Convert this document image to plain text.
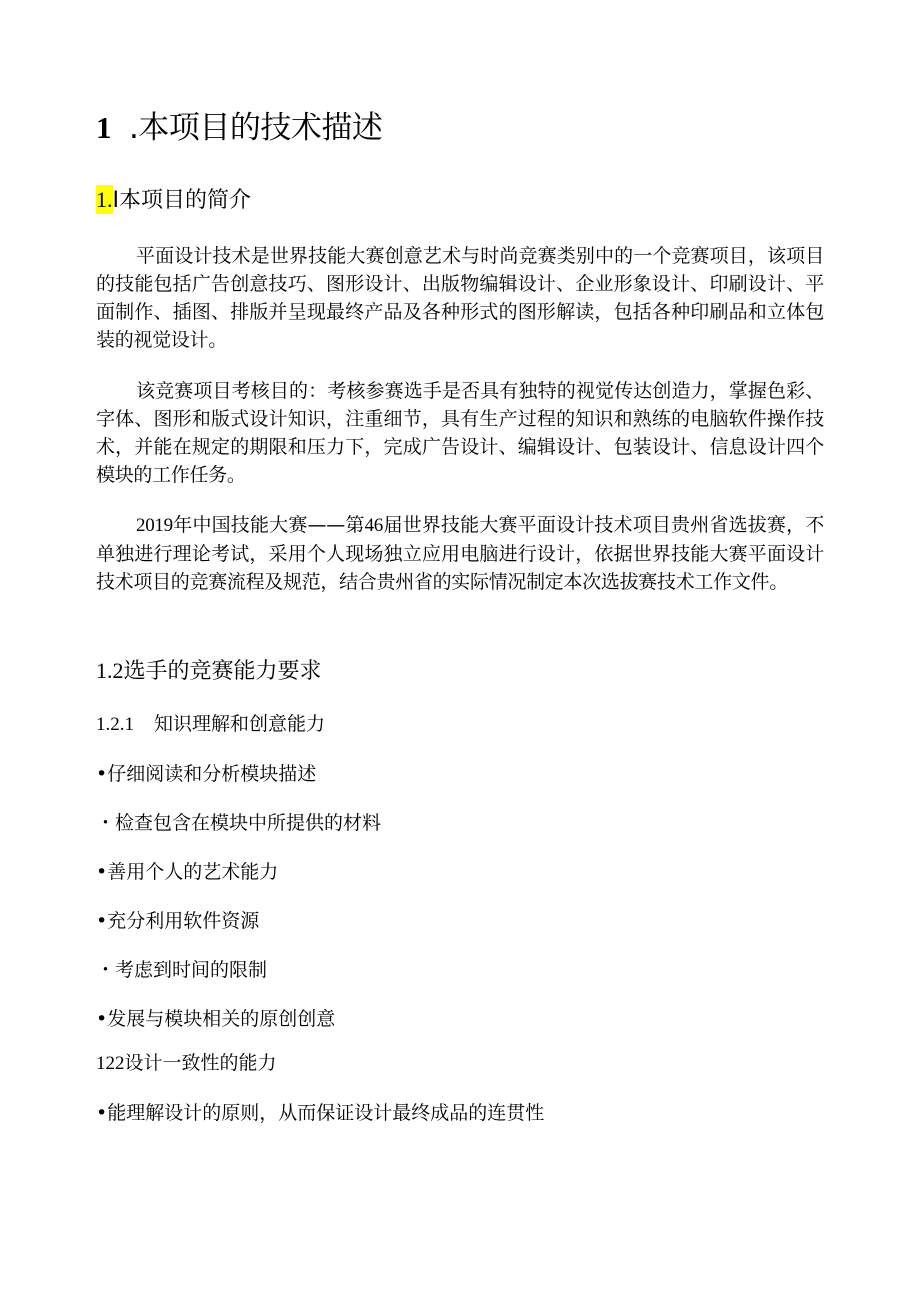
1 .本项目的技术描述
1.I本项目的简介
平面设计技术是世界技能大赛创意艺术与时尚竞赛类别中的一个竞赛项目，该项目的技能包括广告创意技巧、图形设计、出版物编辑设计、企业形象设计、印刷设计、平面制作、插图、排版并呈现最终产品及各种形式的图形解读，包括各种印刷品和立体包装的视觉设计。
该竞赛项目考核目的：考核参赛选手是否具有独特的视觉传达创造力，掌握色彩、字体、图形和版式设计知识，注重细节，具有生产过程的知识和熟练的电脑软件操作技术，并能在规定的期限和压力下，完成广告设计、编辑设计、包装设计、信息设计四个模块的工作任务。
2019年中国技能大赛——第46届世界技能大赛平面设计技术项目贵州省选拔赛，不单独进行理论考试，采用个人现场独立应用电脑进行设计，依据世界技能大赛平面设计技术项目的竞赛流程及规范，结合贵州省的实际情况制定本次选拔赛技术工作文件。
1.2选手的竞赛能力要求
1.2.1 知识理解和创意能力
•仔细阅读和分析模块描述
・检查包含在模块中所提供的材料
•善用个人的艺术能力
•充分利用软件资源
・考虑到时间的限制
•发展与模块相关的原创创意
122设计一致性的能力
•能理解设计的原则，从而保证设计最终成品的连贯性
